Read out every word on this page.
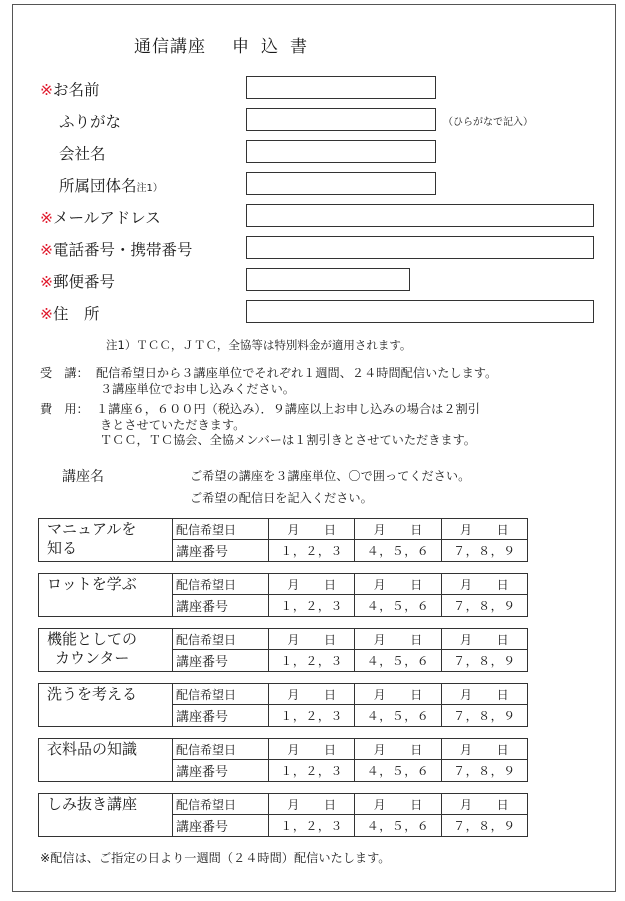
通信講座 申込書
※お名前
ふりがな
会社名
所属団体名注1）
※メールアドレス
※電話番号・携帯番号
※郵便番号
※住　所
（ひらがなで記入）
注1）ＴＣＣ，ＪＴＣ，全協等は特別料金が適用されます。
受　講： 配信希望日から３講座単位でそれぞれ１週間、２４時間配信いたします。
３講座単位でお申し込みください。
費　用： １講座６，６００円（税込み）．９講座以上お申し込みの場合は２割引
きとさせていただきます。
ＴＣＣ，ＴＣ協会、全協メンバーは１割引きとさせていただきます。
講座名	ご希望の講座を３講座単位、〇で囲ってください。
ご希望の配信日を記入ください。
マニュアルを
知る
配信希望日	月 日	月 日	月 日
講座番号	１，２，３	４，５，６	７，８，９
ロットを学ぶ	配信希望日	月 日	月 日	月 日
講座番号	１，２，３	４，５，６	７，８，９
機能としての
カウンター
配信希望日	月 日	月 日	月 日
講座番号	１，２，３	４，５，６	７，８，９
洗うを考える	配信希望日	月 日	月 日	月 日
講座番号	１，２，３	４，５，６	７，８，９
衣料品の知識	配信希望日	月 日	月 日	月 日
講座番号	１，２，３	４，５，６	７，８，９
しみ抜き講座	配信希望日	月 日	月 日	月 日
講座番号	１，２，３	４，５，６	７，８，９
※配信は、ご指定の日より一週間（２４時間）配信いたします。
